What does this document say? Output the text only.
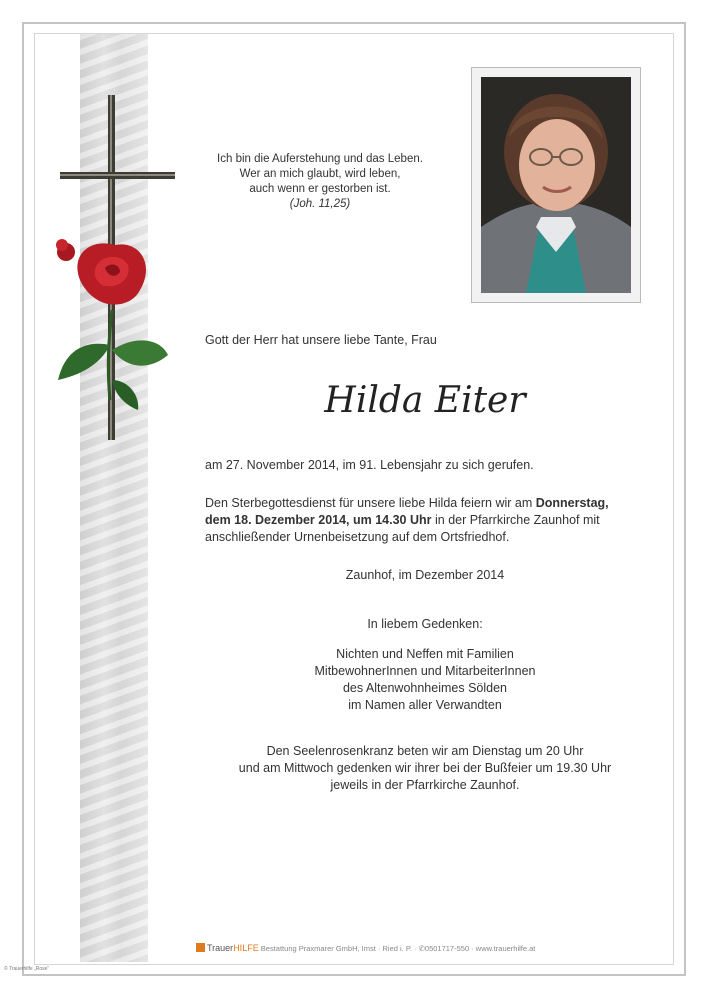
Ich bin die Auferstehung und das Leben.
Wer an mich glaubt, wird leben,
auch wenn er gestorben ist.
(Joh. 11,25)
Gott der Herr hat unsere liebe Tante, Frau
Hilda Eiter
am 27. November 2014, im 91. Lebensjahr zu sich gerufen.
Den Sterbegottesdienst für unsere liebe Hilda feiern wir am Donnerstag,
dem 18. Dezember 2014, um 14.30 Uhr in der Pfarrkirche Zaunhof mit anschließender Urnenbeisetzung auf dem Ortsfriedhof.
Zaunhof, im Dezember 2014
In liebem Gedenken:
Nichten und Neffen mit Familien
MitbewohnerInnen und MitarbeiterInnen
des Altenwohnheimes Sölden
im Namen aller Verwandten
Den Seelenrosenkranz beten wir am Dienstag um 20 Uhr
und am Mittwoch gedenken wir ihrer bei der Bußfeier um 19.30 Uhr
jeweils in der Pfarrkirche Zaunhof.
TrauerHILFE Bestattung Praxmarer GmbH, Imst · Ried i. P. · ✆0501717-550 · www.trauerhilfe.at
© Trauerhilfe „Rose“
